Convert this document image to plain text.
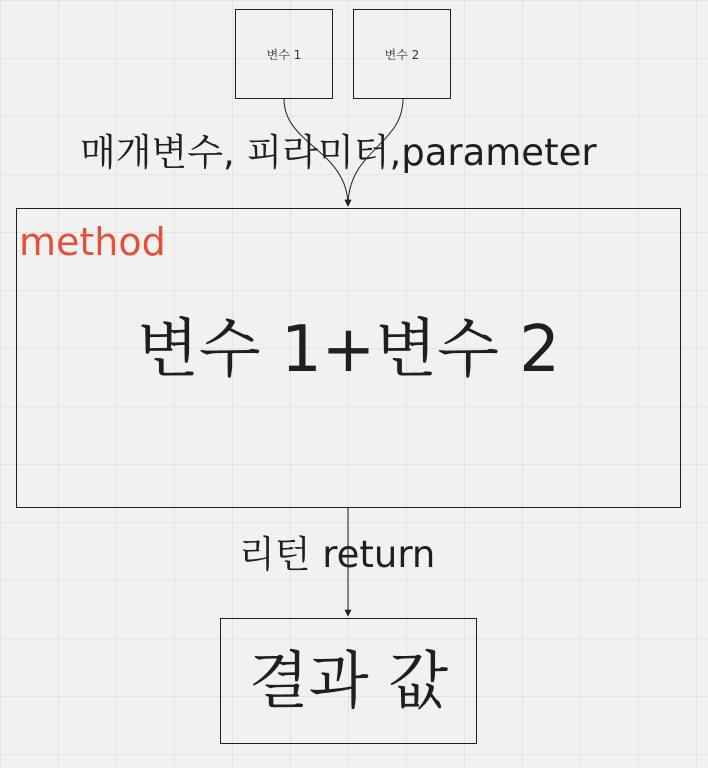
변수 1	변수 2
매개변수, 피라미터,parameter
method
변수 1+변수 2
리턴 return
결과 값
